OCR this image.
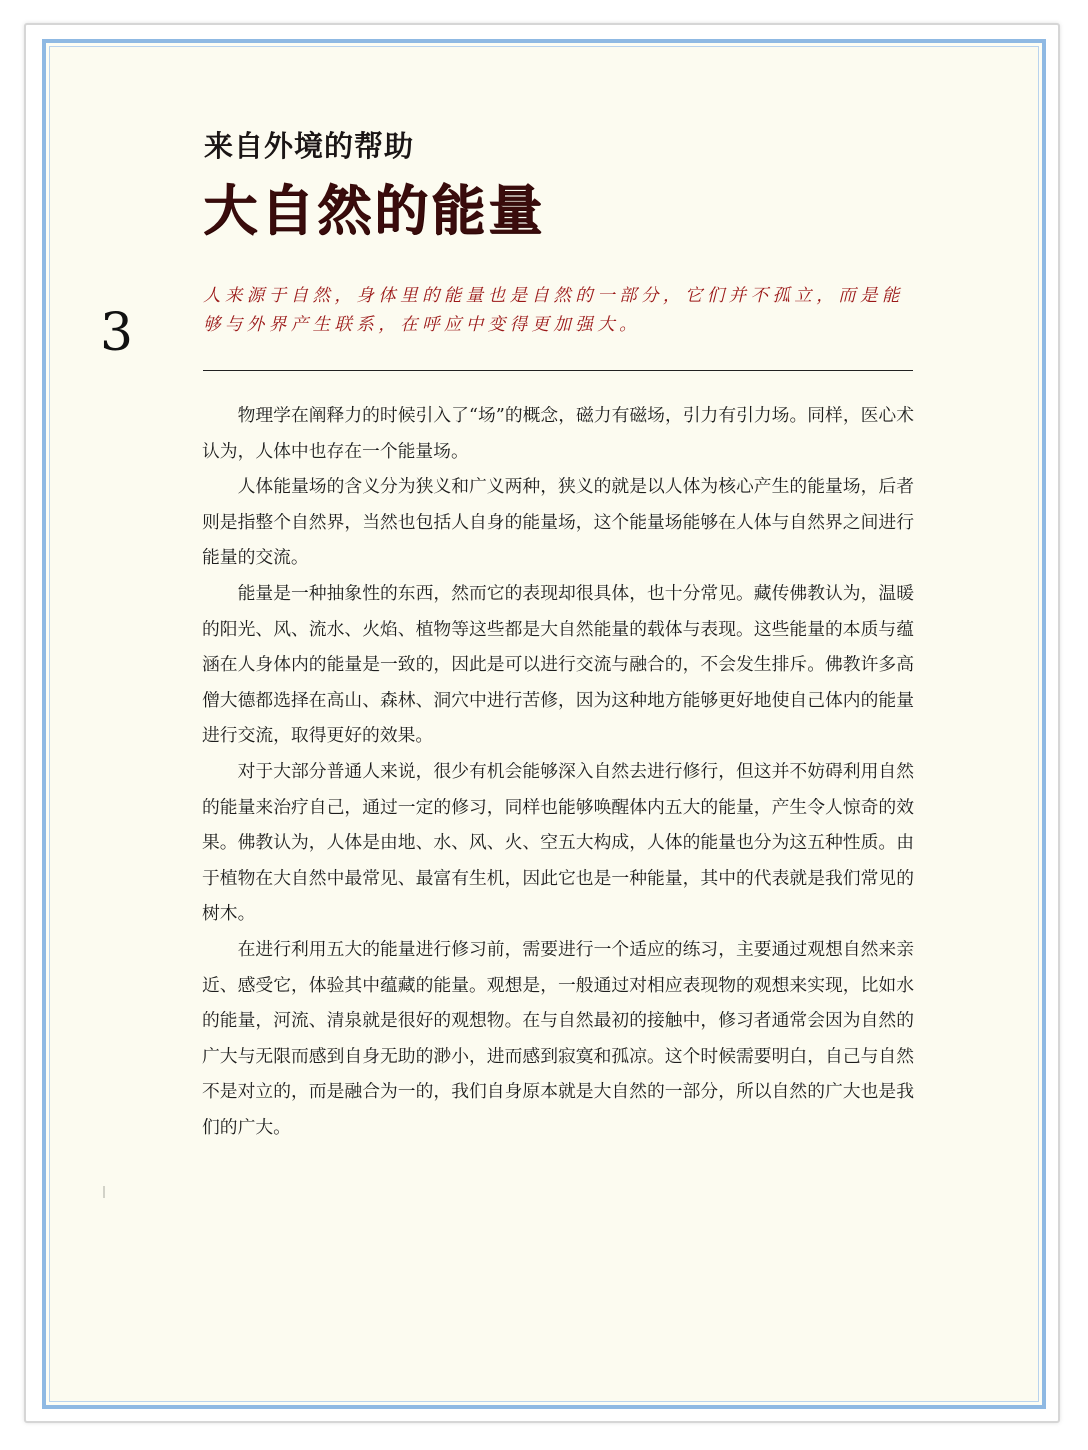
来自外境的帮助
大自然的能量
3

人来源于自然，身体里的能量也是自然的一部分，它们并不孤立，而是能够与外界产生联系，在呼应中变得更加强大。

物理学在阐释力的时候引入了“场”的概念，磁力有磁场，引力有引力场。同样，医心术认为，人体中也存在一个能量场。

人体能量场的含义分为狭义和广义两种，狭义的就是以人体为核心产生的能量场，后者则是指整个自然界，当然也包括人自身的能量场，这个能量场能够在人体与自然界之间进行能量的交流。

能量是一种抽象性的东西，然而它的表现却很具体，也十分常见。藏传佛教认为，温暖的阳光、风、流水、火焰、植物等这些都是大自然能量的载体与表现。这些能量的本质与蕴涵在人身体内的能量是一致的，因此是可以进行交流与融合的，不会发生排斥。佛教许多高僧大德都选择在高山、森林、洞穴中进行苦修，因为这种地方能够更好地使自己体内的能量进行交流，取得更好的效果。

对于大部分普通人来说，很少有机会能够深入自然去进行修行，但这并不妨碍利用自然的能量来治疗自己，通过一定的修习，同样也能够唤醒体内五大的能量，产生令人惊奇的效果。佛教认为，人体是由地、水、风、火、空五大构成，人体的能量也分为这五种性质。由于植物在大自然中最常见、最富有生机，因此它也是一种能量，其中的代表就是我们常见的树木。

在进行利用五大的能量进行修习前，需要进行一个适应的练习，主要通过观想自然来亲近、感受它，体验其中蕴藏的能量。观想是，一般通过对相应表现物的观想来实现，比如水的能量，河流、清泉就是很好的观想物。在与自然最初的接触中，修习者通常会因为自然的广大与无限而感到自身无助的渺小，进而感到寂寞和孤凉。这个时候需要明白，自己与自然不是对立的，而是融合为一的，我们自身原本就是大自然的一部分，所以自然的广大也是我们的广大。
